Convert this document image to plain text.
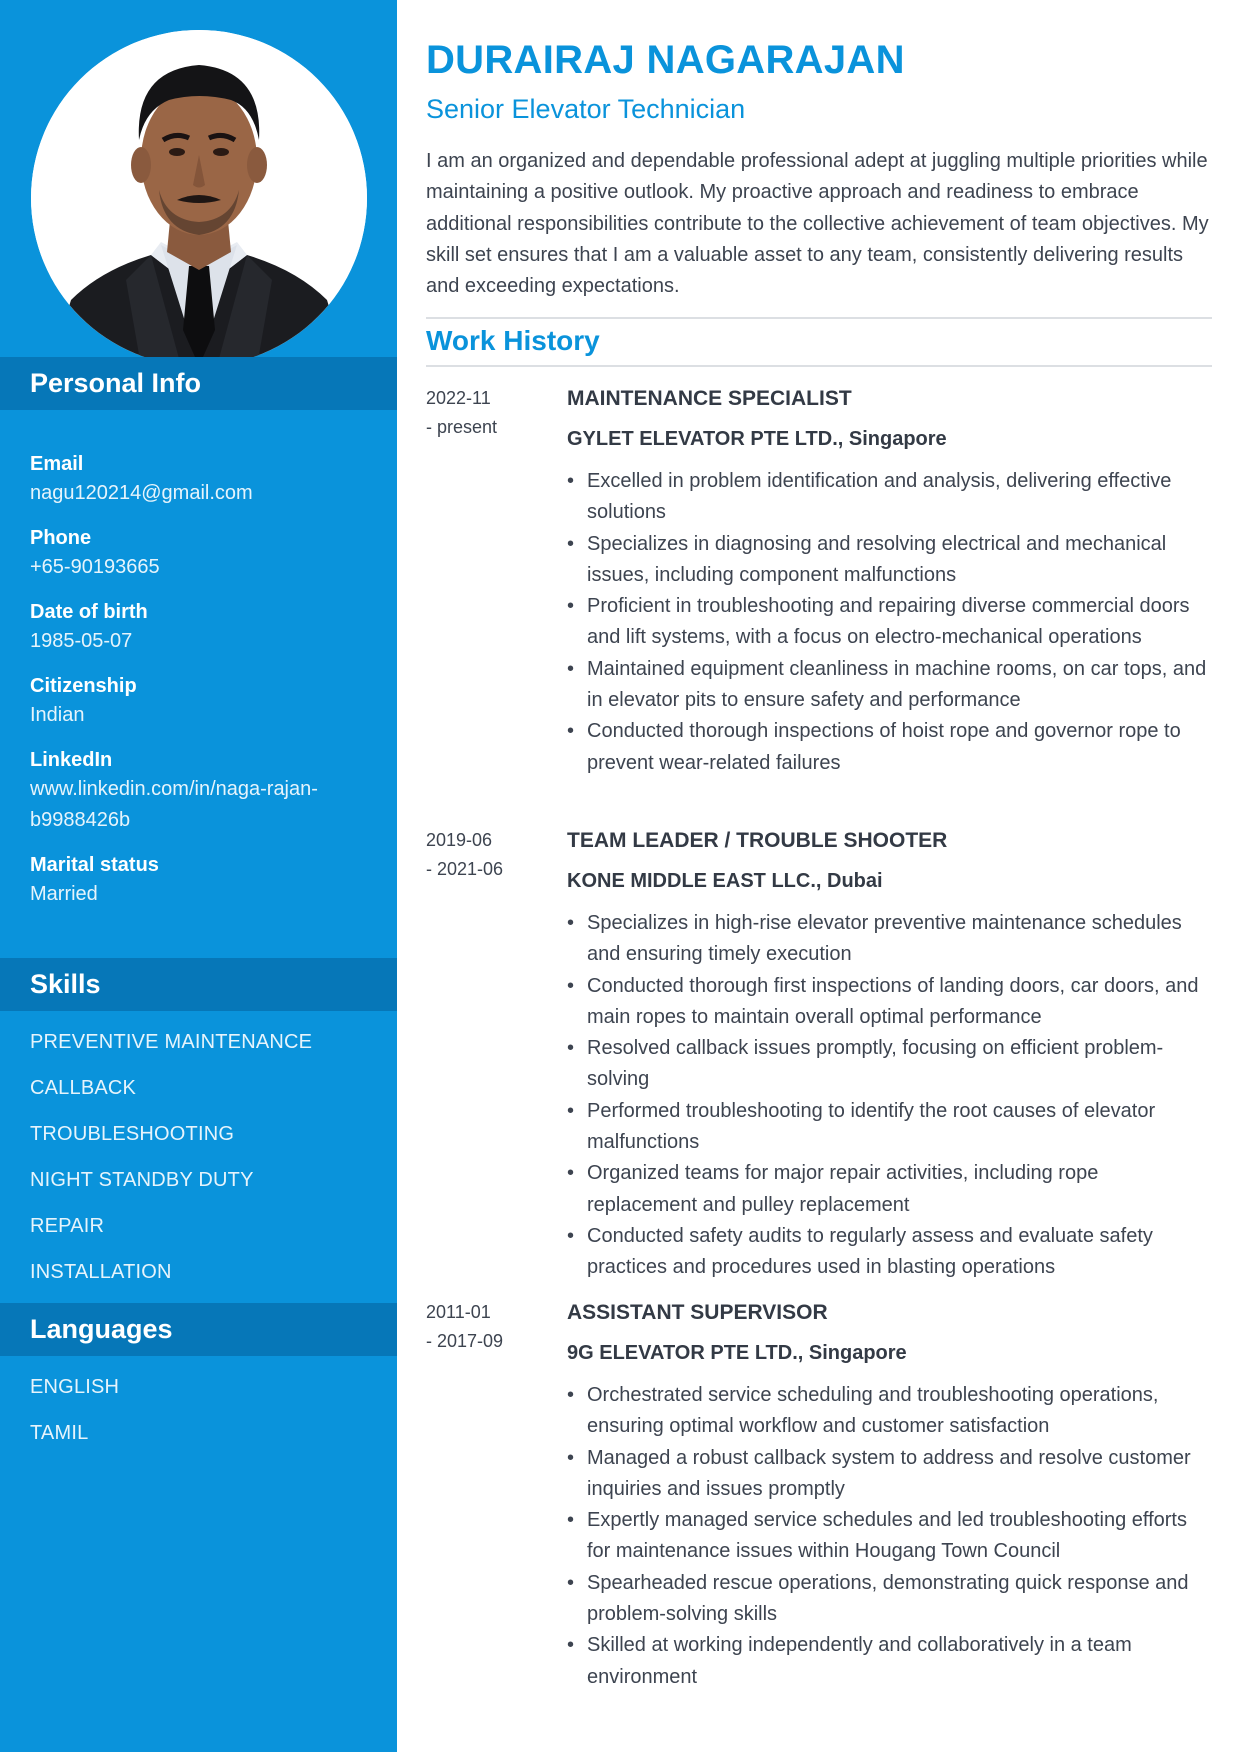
Personal Info
Email
nagu120214@gmail.com
Phone
+65-90193665
Date of birth
1985-05-07
Citizenship
Indian
LinkedIn
www.linkedin.com/in/naga-rajan-b9988426b
Marital status
Married
Skills
PREVENTIVE MAINTENANCE
CALLBACK
TROUBLESHOOTING
NIGHT STANDBY DUTY
REPAIR
INSTALLATION
Languages
ENGLISH
TAMIL
DURAIRAJ NAGARAJAN
Senior Elevator Technician

I am an organized and dependable professional adept at juggling multiple priorities while maintaining a positive outlook. My proactive approach and readiness to embrace additional responsibilities contribute to the collective achievement of team objectives. My skill set ensures that I am a valuable asset to any team, consistently delivering results and exceeding expectations.

Work History
2022-11
- present
MAINTENANCE SPECIALIST
GYLET ELEVATOR PTE LTD., Singapore
• Excelled in problem identification and analysis, delivering effective solutions
• Specializes in diagnosing and resolving electrical and mechanical issues, including component malfunctions
• Proficient in troubleshooting and repairing diverse commercial doors and lift systems, with a focus on electro-mechanical operations
• Maintained equipment cleanliness in machine rooms, on car tops, and in elevator pits to ensure safety and performance
• Conducted thorough inspections of hoist rope and governor rope to prevent wear-related failures
2019-06
- 2021-06
TEAM LEADER / TROUBLE SHOOTER
KONE MIDDLE EAST LLC., Dubai
• Specializes in high-rise elevator preventive maintenance schedules and ensuring timely execution
• Conducted thorough first inspections of landing doors, car doors, and main ropes to maintain overall optimal performance
• Resolved callback issues promptly, focusing on efficient problem-solving
• Performed troubleshooting to identify the root causes of elevator malfunctions
• Organized teams for major repair activities, including rope replacement and pulley replacement
• Conducted safety audits to regularly assess and evaluate safety practices and procedures used in blasting operations
2011-01
- 2017-09
ASSISTANT SUPERVISOR
9G ELEVATOR PTE LTD., Singapore
• Orchestrated service scheduling and troubleshooting operations, ensuring optimal workflow and customer satisfaction
• Managed a robust callback system to address and resolve customer inquiries and issues promptly
• Expertly managed service schedules and led troubleshooting efforts for maintenance issues within Hougang Town Council
• Spearheaded rescue operations, demonstrating quick response and problem-solving skills
• Skilled at working independently and collaboratively in a team environment
